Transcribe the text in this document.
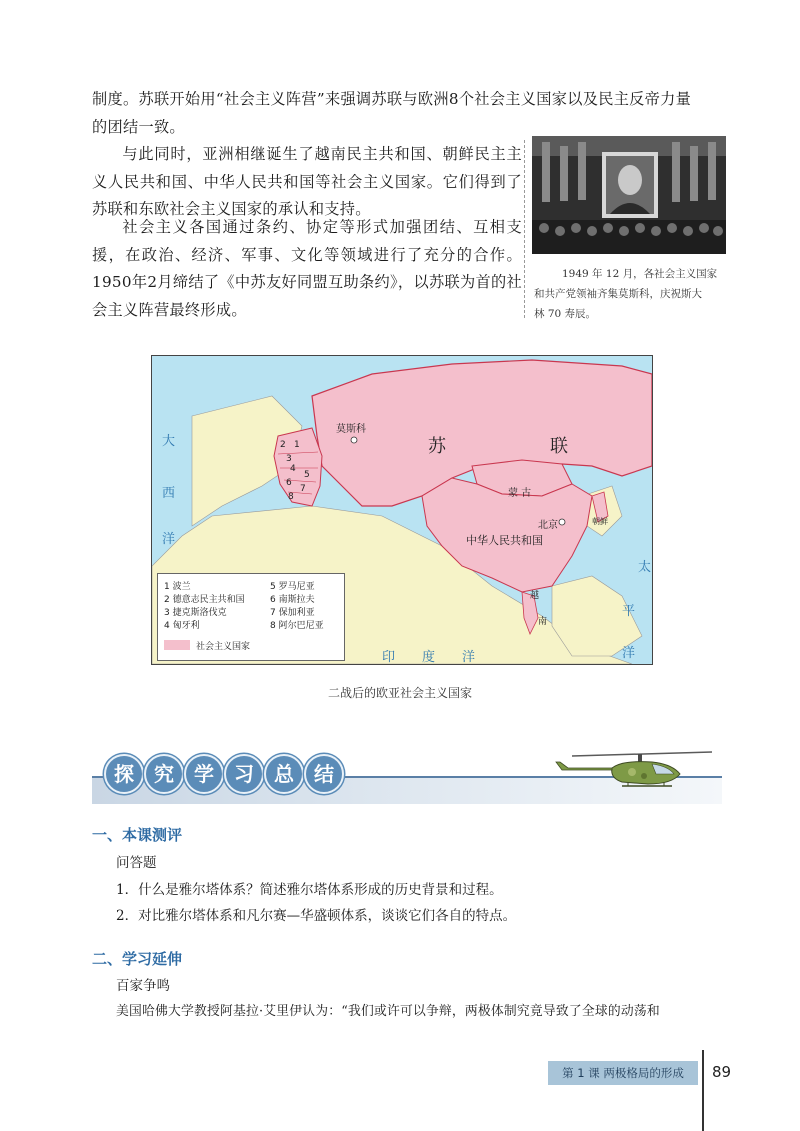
制度。苏联开始用“社会主义阵营”来强调苏联与欧洲8个社会主义国家以及民主反帝力量

的团结一致。

与此同时，亚洲相继诞生了越南民主共和国、朝鲜民主主义人民共和国、中华人民共和国等社会主义国家。它们得到了苏联和东欧社会主义国家的承认和支持。

社会主义各国通过条约、协定等形式加强团结、互相支援，在政治、经济、军事、文化等领域进行了充分的合作。1950年2月缔结了《中苏友好同盟互助条约》，以苏联为首的社会主义阵营最终形成。

1949 年 12 月，各社会主义国家
和共产党领袖齐集莫斯科，庆祝斯大
林 70 寿辰。
莫斯科
苏	联
蒙 古
北京	朝鲜
中华人民共和国
越
南
2 1
3
4
5
6
7
8
大
西
洋
太
平
洋
印 度 洋
1 波兰
2 德意志民主共和国
3 捷克斯洛伐克
4 匈牙利
5 罗马尼亚
6 南斯拉夫
7 保加利亚
8 阿尔巴尼亚
社会主义国家
二战后的欧亚社会主义国家
探	究	学	习	总	结
一、本课测评
问答题
1．什么是雅尔塔体系？简述雅尔塔体系形成的历史背景和过程。
2．对比雅尔塔体系和凡尔赛—华盛顿体系，谈谈它们各自的特点。
二、学习延伸
百家争鸣
美国哈佛大学教授阿基拉·艾里伊认为：“我们或许可以争辩，两极体制究竟导致了全球的动荡和
第 1 课 两极格局的形成	89
